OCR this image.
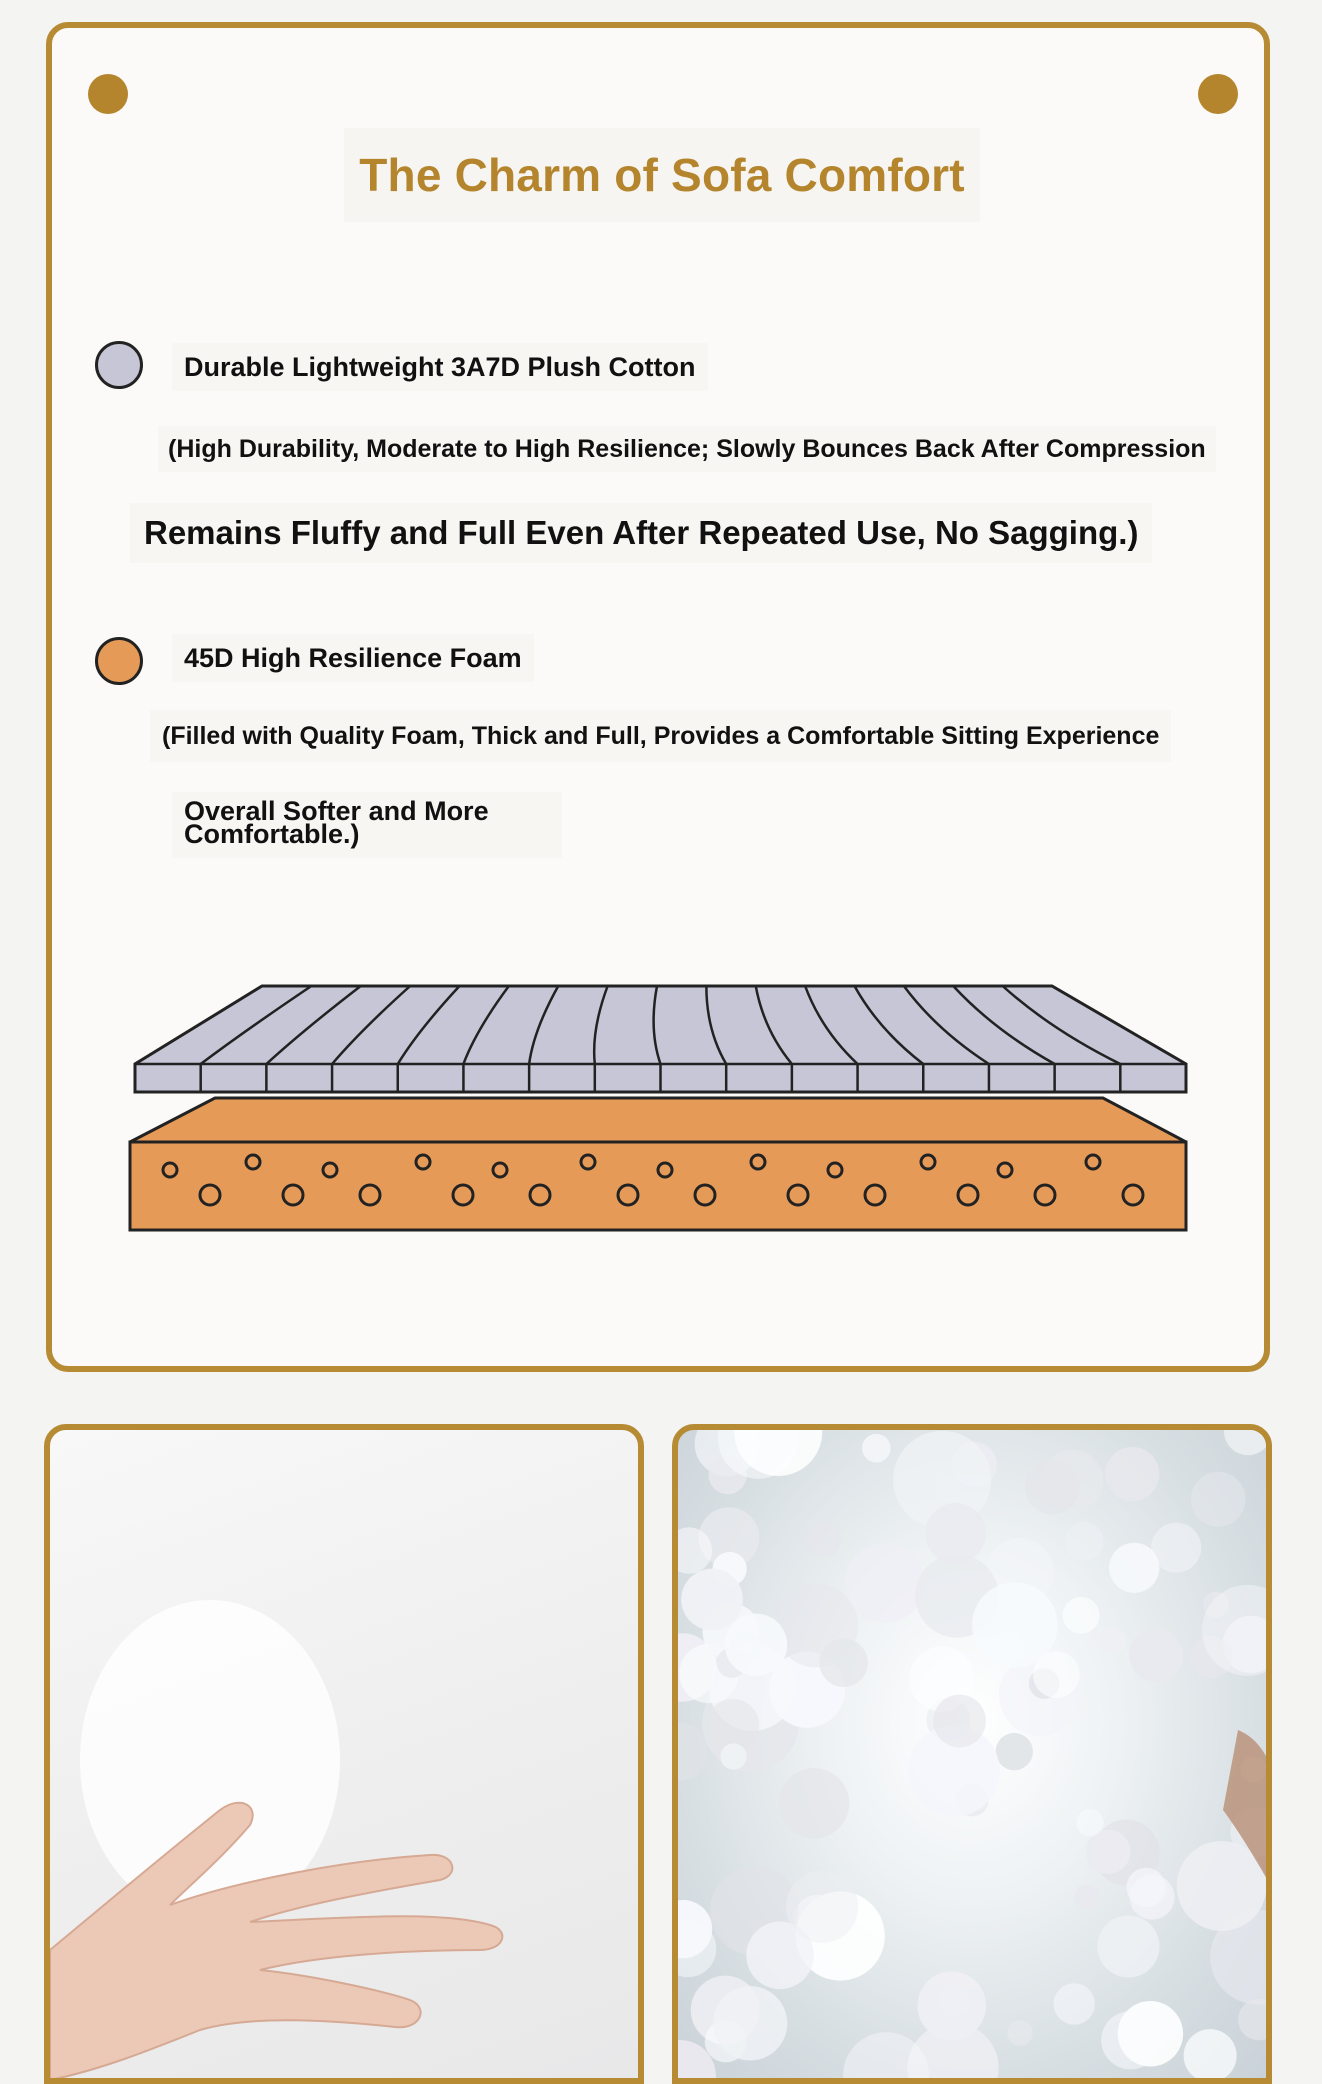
The Charm of Sofa Comfort
Durable Lightweight 3A7D Plush Cotton
(High Durability, Moderate to High Resilience; Slowly Bounces Back After Compression
Remains Fluffy and Full Even After Repeated Use, No Sagging.)
45D High Resilience Foam
(Filled with Quality Foam, Thick and Full, Provides a Comfortable Sitting Experience
Overall Softer and More Comfortable.)
